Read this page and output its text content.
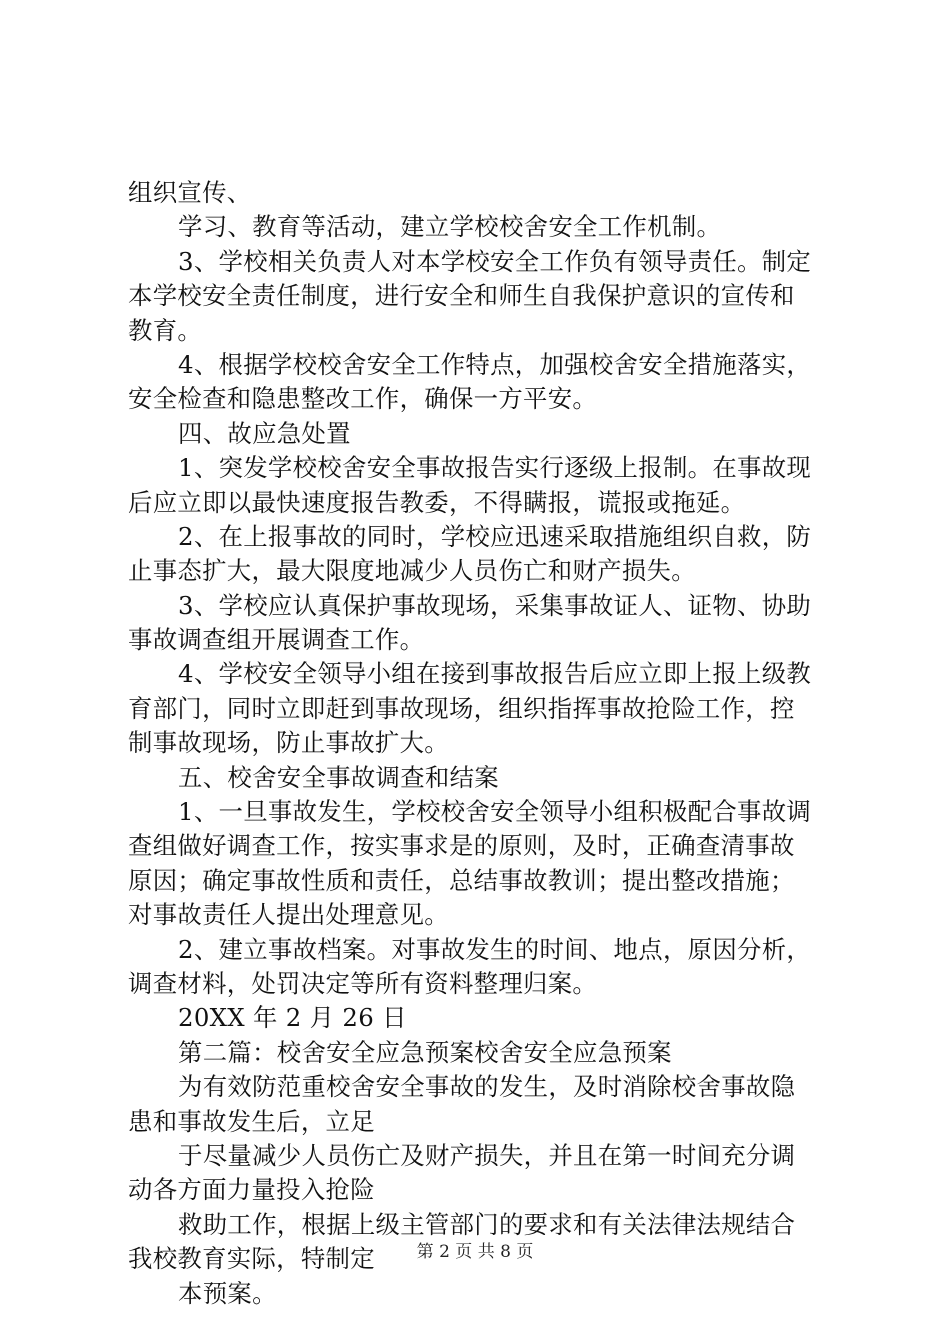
组织宣传、
学习、教育等活动，建立学校校舍安全工作机制。
3、学校相关负责人对本学校安全工作负有领导责任。制定
本学校安全责任制度，进行安全和师生自我保护意识的宣传和
教育。
4、根据学校校舍安全工作特点，加强校舍安全措施落实，
安全检查和隐患整改工作，确保一方平安。
四、故应急处置
1、突发学校校舍安全事故报告实行逐级上报制。在事故现
后应立即以最快速度报告教委，不得瞒报，谎报或拖延。
2、在上报事故的同时，学校应迅速采取措施组织自救，防
止事态扩大，最大限度地减少人员伤亡和财产损失。
3、学校应认真保护事故现场，采集事故证人、证物、协助
事故调查组开展调查工作。
4、学校安全领导小组在接到事故报告后应立即上报上级教
育部门，同时立即赶到事故现场，组织指挥事故抢险工作，控
制事故现场，防止事故扩大。
五、校舍安全事故调查和结案
1、一旦事故发生，学校校舍安全领导小组积极配合事故调
查组做好调查工作，按实事求是的原则，及时，正确查清事故
原因；确定事故性质和责任，总结事故教训；提出整改措施；
对事故责任人提出处理意见。
2、建立事故档案。对事故发生的时间、地点，原因分析，
调查材料，处罚决定等所有资料整理归案。
20XX 年 2 月 26 日
第二篇：校舍安全应急预案校舍安全应急预案
为有效防范重校舍安全事故的发生，及时消除校舍事故隐
患和事故发生后，立足
于尽量减少人员伤亡及财产损失，并且在第一时间充分调
动各方面力量投入抢险
救助工作，根据上级主管部门的要求和有关法律法规结合
我校教育实际，特制定
本预案。
第 2 页 共 8 页
